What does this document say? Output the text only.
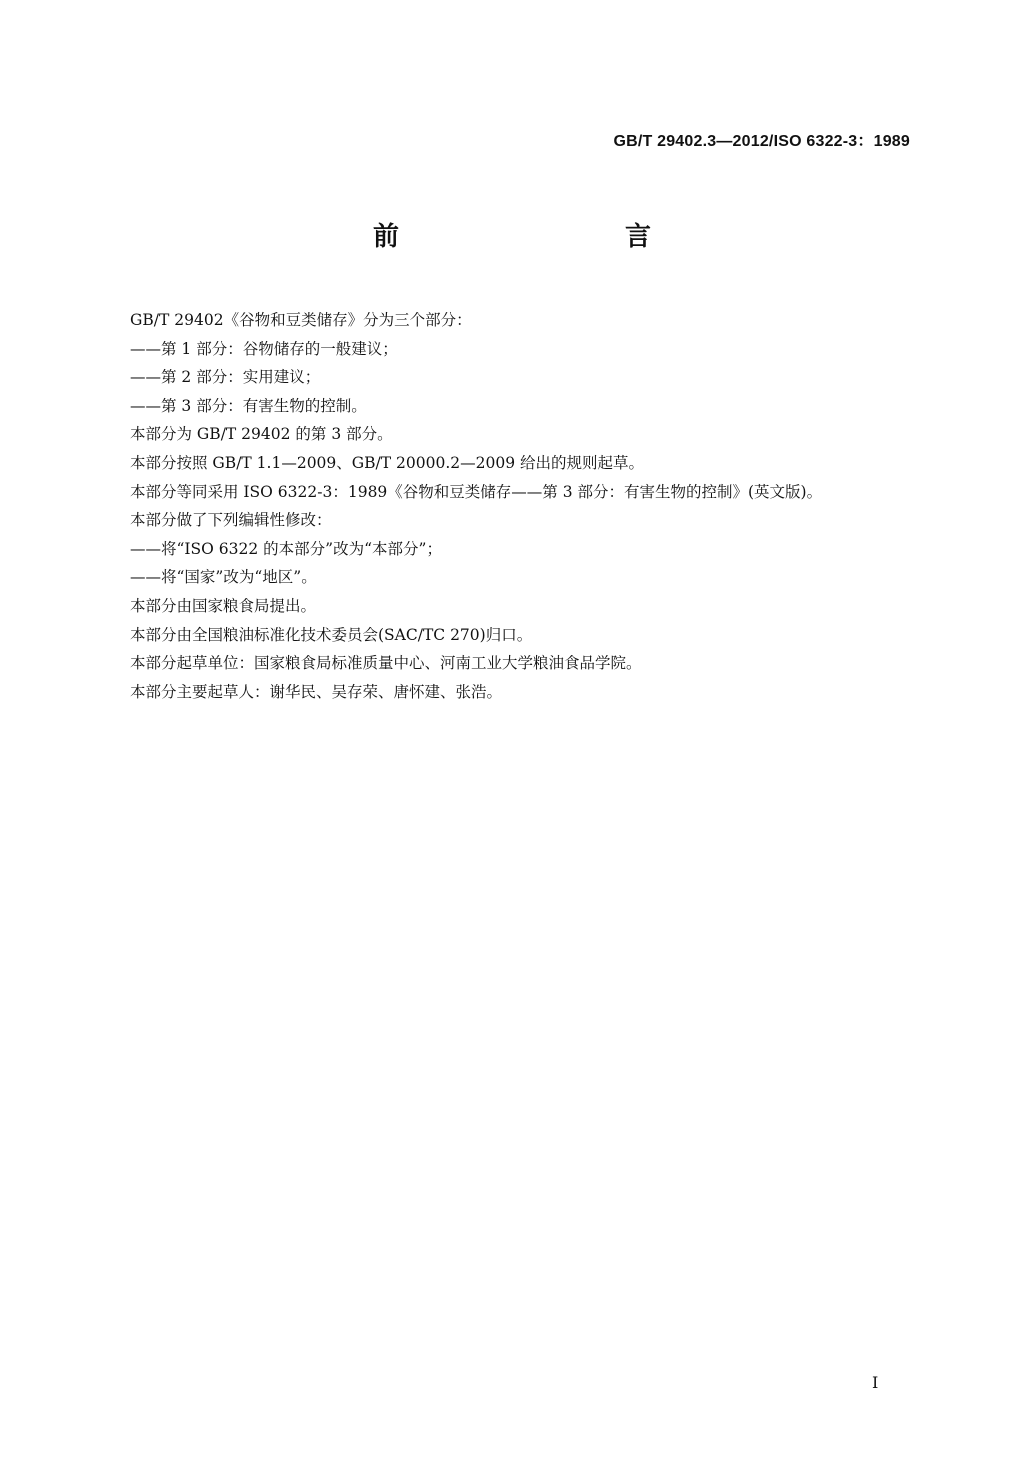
GB/T 29402.3—2012/ISO 6322-3：1989
前　　言
GB/T 29402《谷物和豆类储存》分为三个部分：
——第 1 部分：谷物储存的一般建议；
——第 2 部分：实用建议；
——第 3 部分：有害生物的控制。
本部分为 GB/T 29402 的第 3 部分。
本部分按照 GB/T 1.1—2009、GB/T 20000.2—2009 给出的规则起草。
本部分等同采用 ISO 6322-3：1989《谷物和豆类储存——第 3 部分：有害生物的控制》(英文版)。
本部分做了下列编辑性修改：
——将“ISO 6322 的本部分”改为“本部分”；
——将“国家”改为“地区”。
本部分由国家粮食局提出。
本部分由全国粮油标准化技术委员会(SAC/TC 270)归口。
本部分起草单位：国家粮食局标准质量中心、河南工业大学粮油食品学院。
本部分主要起草人：谢华民、吴存荣、唐怀建、张浩。
I
